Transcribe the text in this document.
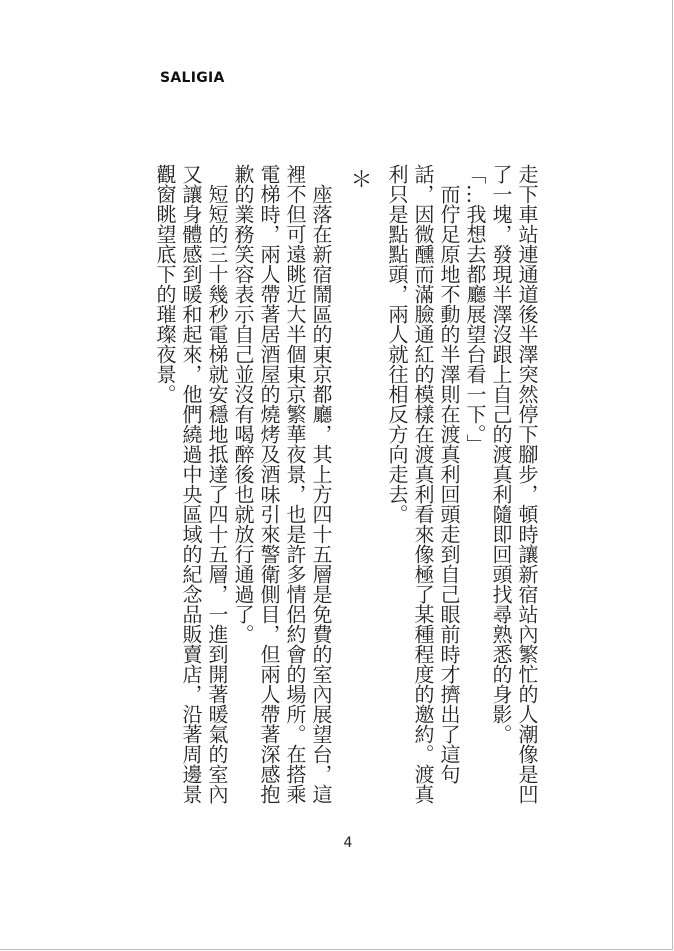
SALIGIA

走下車站連通道後半澤突然停下腳步，頓時讓新宿站內繁忙的人潮像是凹了一塊，發現半澤沒跟上自己的渡真利隨即回頭找尋熟悉的身影。

「…我想去都廳展望台看一下。」

而佇足原地不動的半澤則在渡真利回頭走到自己眼前時才擠出了這句話，因微醺而滿臉通紅的模樣在渡真利看來像極了某種程度的邀約。渡真利只是點點頭，兩人就往相反方向走去。

＊

座落在新宿鬧區的東京都廳，其上方四十五層是免費的室內展望台，這裡不但可遠眺近大半個東京繁華夜景，也是許多情侶約會的場所。在搭乘電梯時，兩人帶著居酒屋的燒烤及酒味引來警衛側目，但兩人帶著深感抱歉的業務笑容表示自己並沒有喝醉後也就放行通過了。

短短的三十幾秒電梯就安穩地抵達了四十五層，一進到開著暖氣的室內又讓身體感到暖和起來，他們繞過中央區域的紀念品販賣店，沿著周邊景觀窗眺望底下的璀璨夜景。

4
